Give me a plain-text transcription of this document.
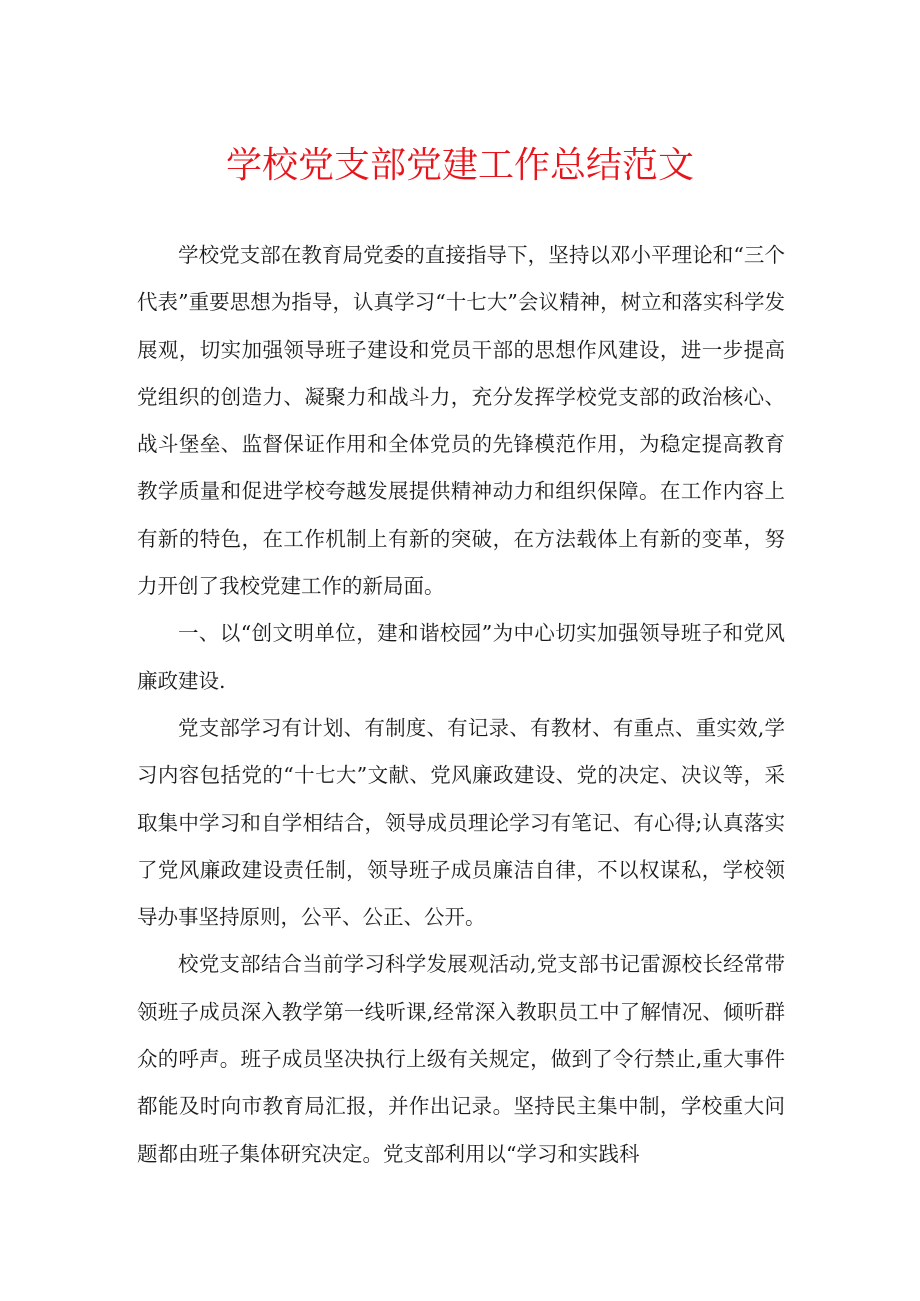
学校党支部党建工作总结范文

学校党支部在教育局党委的直接指导下，坚持以邓小平理论和“三个代表”重要思想为指导，认真学习“十七大”会议精神，树立和落实科学发展观，切实加强领导班子建设和党员干部的思想作风建设，进一步提高党组织的创造力、凝聚力和战斗力，充分发挥学校党支部的政治核心、战斗堡垒、监督保证作用和全体党员的先锋模范作用，为稳定提高教育教学质量和促进学校夸越发展提供精神动力和组织保障。在工作内容上有新的特色，在工作机制上有新的突破，在方法载体上有新的变革，努力开创了我校党建工作的新局面。

一、以“创文明单位，建和谐校园”为中心切实加强领导班子和党风廉政建设.

党支部学习有计划、有制度、有记录、有教材、有重点、重实效,学习内容包括党的“十七大”文献、党风廉政建设、党的决定、决议等，采取集中学习和自学相结合，领导成员理论学习有笔记、有心得;认真落实了党风廉政建设责任制，领导班子成员廉洁自律，不以权谋私，学校领导办事坚持原则，公平、公正、公开。

校党支部结合当前学习科学发展观活动,党支部书记雷源校长经常带领班子成员深入教学第一线听课,经常深入教职员工中了解情况、倾听群众的呼声。班子成员坚决执行上级有关规定，做到了令行禁止,重大事件都能及时向市教育局汇报，并作出记录。坚持民主集中制，学校重大问题都由班子集体研究决定。党支部利用以“学习和实践科
